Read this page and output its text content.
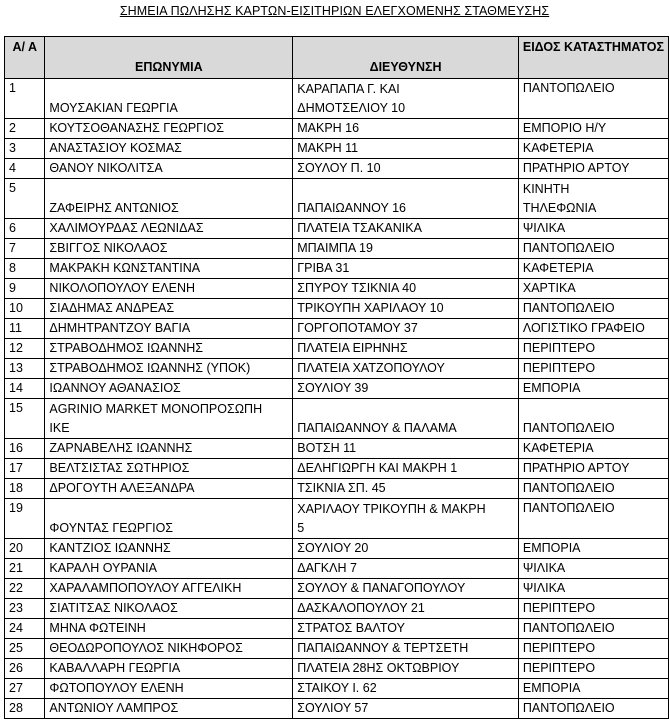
ΣΗΜΕΙΑ ΠΩΛΗΣΗΣ ΚΑΡΤΩΝ-ΕΙΣΙΤΗΡΙΩΝ ΕΛΕΓΧΟΜΕΝΗΣ ΣΤΑΘΜΕΥΣΗΣ
Α/ Α	ΕΠΩΝΥΜΙΑ	ΔΙΕΥΘΥΝΣΗ	ΕΙΔΟΣ ΚΑΤΑΣΤΗΜΑΤΟΣ
1	ΜΟΥΣΑΚΙΑΝ ΓΕΩΡΓΙΑ	ΚΑΡΑΠΑΠΑ Γ. ΚΑΙ
ΔΗΜΟΤΣΕΛΙΟΥ 10	ΠΑΝΤΟΠΩΛΕΙΟ

2	ΚΟΥΤΣΟΘΑΝΑΣΗΣ ΓΕΩΡΓΙΟΣ	ΜΑΚΡΗ 16	ΕΜΠΟΡΙΟ Η/Υ

3	ΑΝΑΣΤΑΣΙΟΥ ΚΟΣΜΑΣ	ΜΑΚΡΗ 11	ΚΑΦΕΤΕΡΙΑ

4	ΘΑΝΟΥ ΝΙΚΟΛΙΤΣΑ	ΣΟΥΛΟΥ Π. 10	ΠΡΑΤΗΡΙΟ ΑΡΤΟΥ

5	ΖΑΦΕΙΡΗΣ ΑΝΤΩΝΙΟΣ	ΠΑΠΑΙΩΑΝΝΟΥ 16	ΚΙΝΗΤΗ
ΤΗΛΕΦΩΝΙΑ

6	ΧΑΛΙΜΟΥΡΔΑΣ ΛΕΩΝΙΔΑΣ	ΠΛΑΤΕΙΑ ΤΣΑΚΑΝΙΚΑ	ΨΙΛΙΚΑ

7	ΣΒΙΓΓΟΣ ΝΙΚΟΛΑΟΣ	ΜΠΑΙΜΠΑ 19	ΠΑΝΤΟΠΩΛΕΙΟ

8	ΜΑΚΡΑΚΗ ΚΩΝΣΤΑΝΤΙΝΑ	ΓΡΙΒΑ 31	ΚΑΦΕΤΕΡΙΑ

9	ΝΙΚΟΛΟΠΟΥΛΟΥ ΕΛΕΝΗ	ΣΠΥΡΟΥ ΤΣΙΚΝΙΑ 40	ΧΑΡΤΙΚΑ

10	ΣΙΑΔΗΜΑΣ ΑΝΔΡΕΑΣ	ΤΡΙΚΟΥΠΗ ΧΑΡΙΛΑΟΥ 10	ΠΑΝΤΟΠΩΛΕΙΟ

11	ΔΗΜΗΤΡΑΝΤΖΟΥ ΒΑΓΙΑ	ΓΟΡΓΟΠΟΤΑΜΟΥ 37	ΛΟΓΙΣΤΙΚΟ ΓΡΑΦΕΙΟ

12	ΣΤΡΑΒΟΔΗΜΟΣ ΙΩΑΝΝΗΣ	ΠΛΑΤΕΙΑ ΕΙΡΗΝΗΣ	ΠΕΡΙΠΤΕΡΟ

13	ΣΤΡΑΒΟΔΗΜΟΣ ΙΩΑΝΝΗΣ (ΥΠΟΚ)	ΠΛΑΤΕΙΑ ΧΑΤΖΟΠΟΥΛΟΥ	ΠΕΡΙΠΤΕΡΟ

14	ΙΩΑΝΝΟΥ ΑΘΑΝΑΣΙΟΣ	ΣΟΥΛΙΟΥ 39	ΕΜΠΟΡΙΑ

15	AGRINIO MARKET ΜΟΝΟΠΡΟΣΩΠΗ
ΙΚΕ	ΠΑΠΑΙΩΑΝΝΟΥ & ΠΑΛΑΜΑ	ΠΑΝΤΟΠΩΛΕΙΟ

16	ΖΑΡΝΑΒΕΛΗΣ ΙΩΑΝΝΗΣ	ΒΟΤΣΗ 11	ΚΑΦΕΤΕΡΙΑ

17	ΒΕΛΤΣΙΣΤΑΣ ΣΩΤΗΡΙΟΣ	ΔΕΛΗΓΙΩΡΓΗ ΚΑΙ ΜΑΚΡΗ 1	ΠΡΑΤΗΡΙΟ ΑΡΤΟΥ

18	ΔΡΟΓΟΥΤΗ ΑΛΕΞΑΝΔΡΑ	ΤΣΙΚΝΙΑ ΣΠ. 45	ΠΑΝΤΟΠΩΛΕΙΟ

19	ΦΟΥΝΤΑΣ ΓΕΩΡΓΙΟΣ	ΧΑΡΙΛΑΟΥ ΤΡΙΚΟΥΠΗ & ΜΑΚΡΗ
5	ΠΑΝΤΟΠΩΛΕΙΟ

20	ΚΑΝΤΖΙΟΣ ΙΩΑΝΝΗΣ	ΣΟΥΛΙΟΥ 20	ΕΜΠΟΡΙΑ

21	ΚΑΡΑΛΗ ΟΥΡΑΝΙΑ	ΔΑΓΚΛΗ 7	ΨΙΛΙΚΑ

22	ΧΑΡΑΛΑΜΠΟΠΟΥΛΟΥ ΑΓΓΕΛΙΚΗ	ΣΟΥΛΟΥ & ΠΑΝΑΓΟΠΟΥΛΟΥ	ΨΙΛΙΚΑ

23	ΣΙΑΤΙΤΣΑΣ ΝΙΚΟΛΑΟΣ	ΔΑΣΚΑΛΟΠΟΥΛΟΥ 21	ΠΕΡΙΠΤΕΡΟ

24	ΜΗΝΑ ΦΩΤΕΙΝΗ	ΣΤΡΑΤΟΣ ΒΑΛΤΟΥ	ΠΑΝΤΟΠΩΛΕΙΟ

25	ΘΕΟΔΩΡΟΠΟΥΛΟΣ ΝΙΚΗΦΟΡΟΣ	ΠΑΠΑΙΩΑΝΝΟΥ & ΤΕΡΤΣΕΤΗ	ΠΕΡΙΠΤΕΡΟ

26	ΚΑΒΑΛΛΑΡΗ ΓΕΩΡΓΙΑ	ΠΛΑΤΕΙΑ 28ΗΣ ΟΚΤΩΒΡΙΟΥ	ΠΕΡΙΠΤΕΡΟ

27	ΦΩΤΟΠΟΥΛΟΥ ΕΛΕΝΗ	ΣΤΑΙΚΟΥ Ι. 62	ΕΜΠΟΡΙΑ

28	ΑΝΤΩΝΙΟΥ ΛΑΜΠΡΟΣ	ΣΟΥΛΙΟΥ 57	ΠΑΝΤΟΠΩΛΕΙΟ
